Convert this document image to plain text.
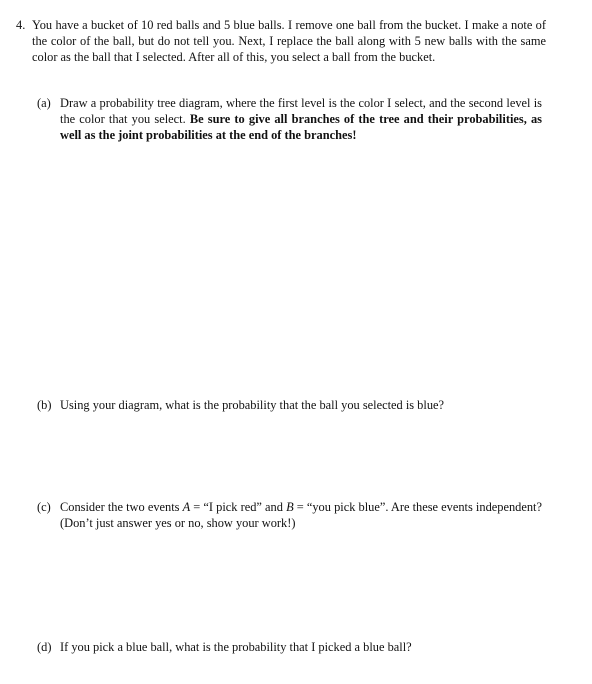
4. You have a bucket of 10 red balls and 5 blue balls. I remove one ball from the bucket. I make a note of the color of the ball, but do not tell you. Next, I replace the ball along with 5 new balls with the same color as the ball that I selected. After all of this, you select a ball from the bucket.
(a) Draw a probability tree diagram, where the first level is the color I select, and the second level is the color that you select. Be sure to give all branches of the tree and their probabilities, as well as the joint probabilities at the end of the branches!
(b) Using your diagram, what is the probability that the ball you selected is blue?
(c) Consider the two events A = “I pick red” and B = “you pick blue”. Are these events independent? (Don’t just answer yes or no, show your work!)
(d) If you pick a blue ball, what is the probability that I picked a blue ball?
